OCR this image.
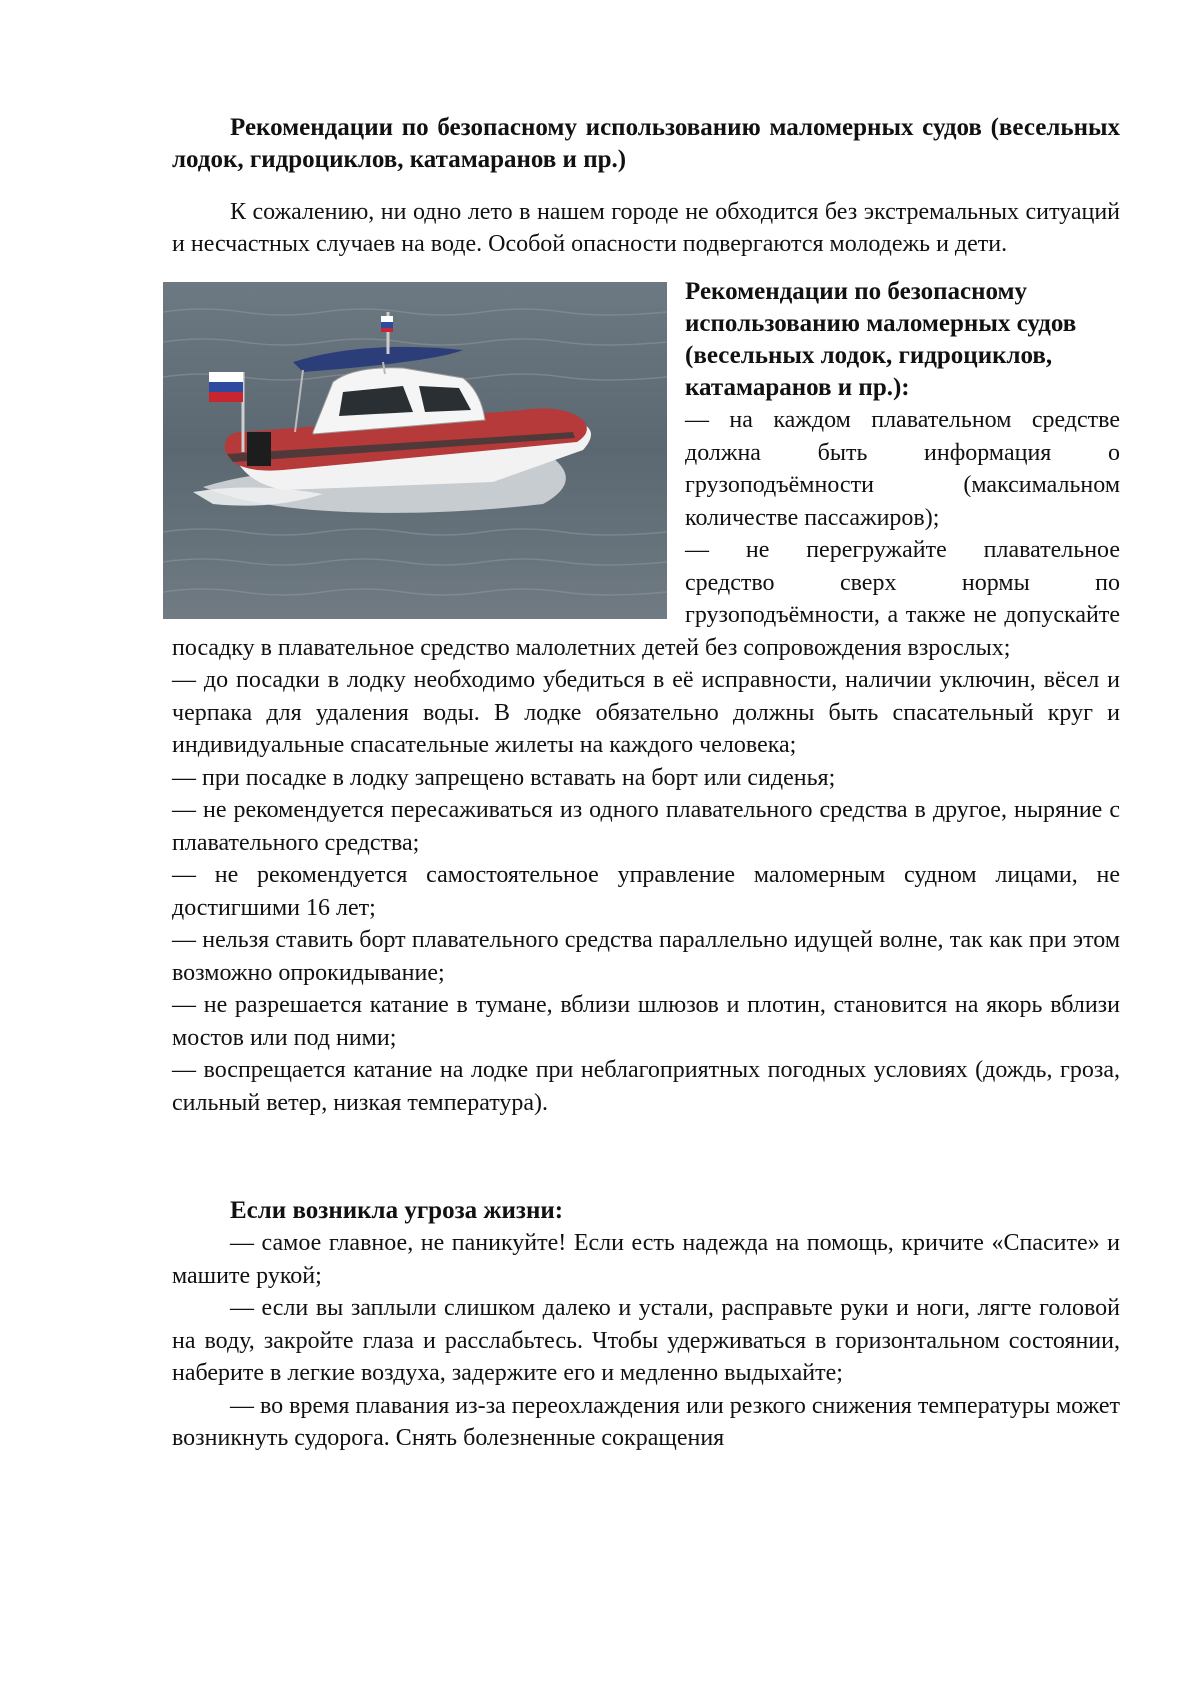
Рекомендации по безопасному использованию маломерных судов (весельных лодок, гидроциклов, катамаранов и пр.)

К сожалению, ни одно лето в нашем городе не обходится без экстремальных ситуаций и несчастных случаев на воде. Особой опасности подвергаются молодежь и дети.

Рекомендации по безопасному использованию маломерных судов (весельных лодок, гидроциклов, катамаранов и пр.):

— на каждом плавательном средстве должна быть информация о грузоподъёмности (максимальном количестве пассажиров);

— не перегружайте плавательное средство сверх нормы по грузоподъёмности, а также не допускайте посадку в плавательное средство малолетних детей без сопровождения взрослых;

— до посадки в лодку необходимо убедиться в её исправности, наличии уключин, вёсел и черпака для удаления воды. В лодке обязательно должны быть спасательный круг и индивидуальные спасательные жилеты на каждого человека;

— при посадке в лодку запрещено вставать на борт или сиденья;

— не рекомендуется пересаживаться из одного плавательного средства в другое, ныряние с плавательного средства;

— не рекомендуется самостоятельное управление маломерным судном лицами, не достигшими 16 лет;

— нельзя ставить борт плавательного средства параллельно идущей волне, так как при этом возможно опрокидывание;

— не разрешается катание в тумане, вблизи шлюзов и плотин, становится на якорь вблизи мостов или под ними;

— воспрещается катание на лодке при неблагоприятных погодных условиях (дождь, гроза, сильный ветер, низкая температура).

Если возникла угроза жизни:

— самое главное, не паникуйте! Если есть надежда на помощь, кричите «Спасите» и машите рукой;

— если вы заплыли слишком далеко и устали, расправьте руки и ноги, лягте головой на воду, закройте глаза и расслабьтесь. Чтобы удерживаться в горизонтальном состоянии, наберите в легкие воздуха, задержите его и медленно выдыхайте;

— во время плавания из-за переохлаждения или резкого снижения температуры может возникнуть судорога. Снять болезненные сокращения
